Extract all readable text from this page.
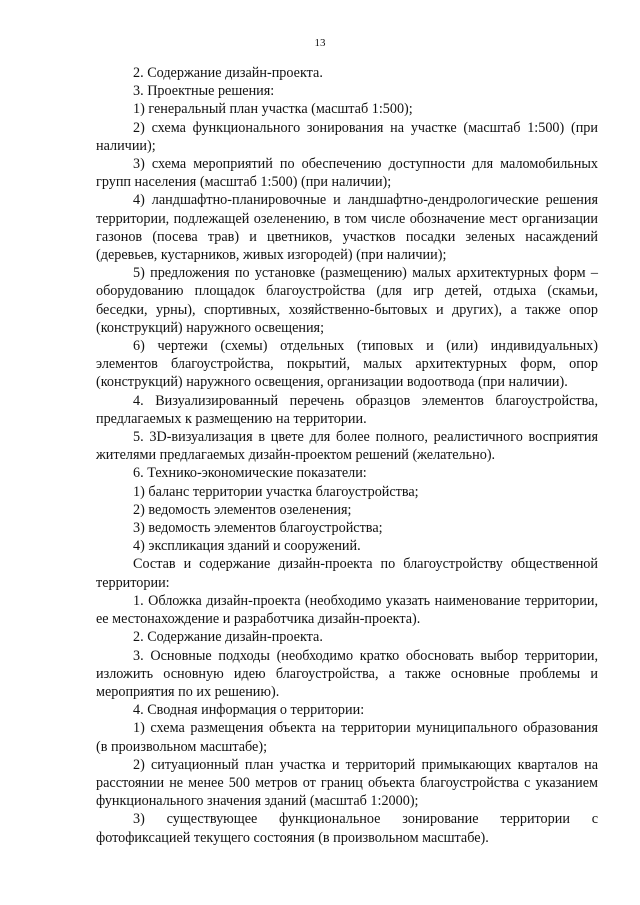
13

2. Содержание дизайн-проекта.

3. Проектные решения:

1) генеральный план участка (масштаб 1:500);

2) схема функционального зонирования на участке (масштаб 1:500) (при наличии);

3) схема мероприятий по обеспечению доступности для маломобильных групп населения (масштаб 1:500) (при наличии);

4) ландшафтно-планировочные и ландшафтно-дендрологические решения территории, подлежащей озеленению, в том числе обозначение мест организации газонов (посева трав) и цветников, участков посадки зеленых насаждений (деревьев, кустарников, живых изгородей) (при наличии);

5) предложения по установке (размещению) малых архитектурных форм – оборудованию площадок благоустройства (для игр детей, отдыха (скамьи, беседки, урны), спортивных, хозяйственно-бытовых и других), а также опор (конструкций) наружного освещения;

6) чертежи (схемы) отдельных (типовых и (или) индивидуальных) элементов благоустройства, покрытий, малых архитектурных форм, опор (конструкций) наружного освещения, организации водоотвода (при наличии).

4. Визуализированный перечень образцов элементов благоустройства, предлагаемых к размещению на территории.

5. 3D-визуализация в цвете для более полного, реалистичного восприятия жителями предлагаемых дизайн-проектом решений (желательно).

6. Технико-экономические показатели:

1) баланс территории участка благоустройства;

2) ведомость элементов озеленения;

3) ведомость элементов благоустройства;

4) экспликация зданий и сооружений.

Состав и содержание дизайн-проекта по благоустройству общественной территории:

1. Обложка дизайн-проекта (необходимо указать наименование территории, ее местонахождение и разработчика дизайн-проекта).

2. Содержание дизайн-проекта.

3. Основные подходы (необходимо кратко обосновать выбор территории, изложить основную идею благоустройства, а также основные проблемы и мероприятия по их решению).

4. Сводная информация о территории:

1) схема размещения объекта на территории муниципального образования (в произвольном масштабе);

2) ситуационный план участка и территорий примыкающих кварталов на расстоянии не менее 500 метров от границ объекта благоустройства с указанием функционального значения зданий (масштаб 1:2000);

3) существующее функциональное зонирование территории с фотофиксацией текущего состояния (в произвольном масштабе).
